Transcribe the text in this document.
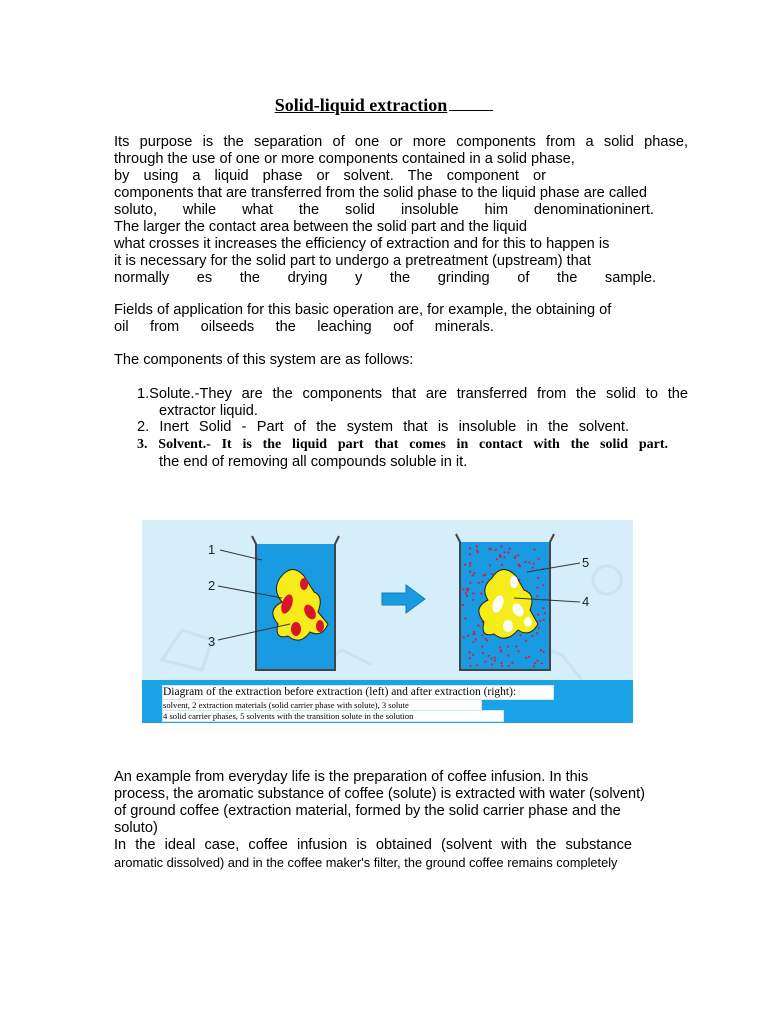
Solid-liquid extraction
Its purpose is the separation of one or more components from a solid phase,
through the use of one or more components contained in a solid phase,
by using a liquid phase or solvent. The component or
components that are transferred from the solid phase to the liquid phase are called
soluto, while what the solid insoluble him denominationinert.
The larger the contact area between the solid part and the liquid
what crosses it increases the efficiency of extraction and for this to happen is
it is necessary for the solid part to undergo a pretreatment (upstream) that
normally es the drying y the grinding of the sample.
Fields of application for this basic operation are, for example, the obtaining of
oil from oilseeds the leaching οof minerals.
The components of this system are as follows:
1.Solute.-They are the components that are transferred from the solid to the
extractor liquid.
2. Inert Solid - Part of the system that is insoluble in the solvent.
3. Solvent.- It is the liquid part that comes in contact with the solid part.
the end of removing all compounds soluble in it.
1
2
3
5
4
Diagram of the extraction before extraction (left) and after extraction (right):
solvent, 2 extraction materials (solid carrier phase with solute), 3 solute
4 solid carrier phases, 5 solvents with the transition solute in the solution
An example from everyday life is the preparation of coffee infusion. In this
process, the aromatic substance of coffee (solute) is extracted with water (solvent)
of ground coffee (extraction material, formed by the solid carrier phase and the
soluto)
In the ideal case, coffee infusion is obtained (solvent with the substance
aromatic dissolved) and in the coffee maker's filter, the ground coffee remains completely
